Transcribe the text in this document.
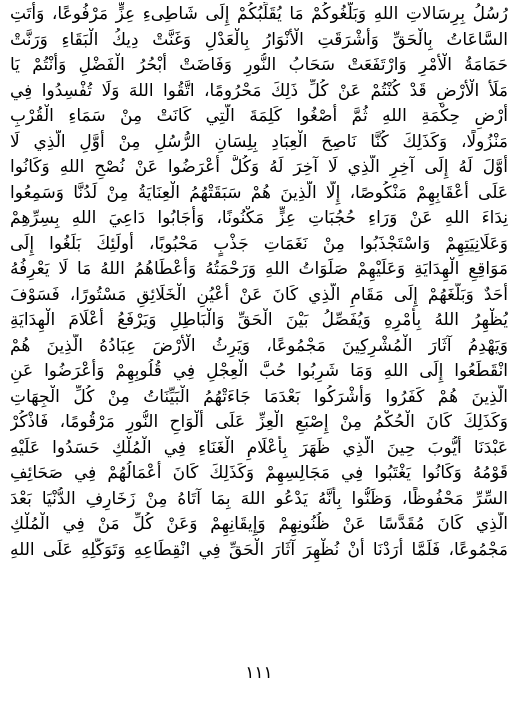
رُسُلُ بِرِسَالاتِ اللهِ وَبَلَّغُوكُمْ مَا يُقَلِّبُكُمْ إِلَى شَاطِىءِ عِزٍّ مَرْفُوعًا، وَأَتَتِ
السَّاعَاتُ بِالْحَقِّ وَأَشْرَقَتِ الْأَنْوَارُ بِالْعَدْلِ وَغَنَّتْ دِيكُ الْبَقَاءِ وَرَنَّتْ
حَمَامَةُ الْأَمْرِ وَارْتَفَعَتْ سَحَابُ النُّورِ وَفَاضَتْ أَبْحُرُ الْفَضْلِ وَأَنْتُمْ يَا
مَلَأَ الْأَرْضِ قَدْ كُنْتُمْ عَنْ كُلِّ ذَلِكَ مَحْرُومًا، اتَّقُوا اللهَ وَلَا تُفْسِدُوا فِي
أَرْضِ حِكْمَةِ اللهِ ثُمَّ أَصْغُوا كَلِمَةَ الَّتِي كَانَتْ مِنْ سَمَاءِ الْقُرْبِ
مَنْزُولًا، وَكَذَلِكَ كُنَّا نَاصِحَ الْعِبَادِ بِلِسَانِ الرُّسُلِ مِنْ أَوَّلِ الَّذِي لَا
أَوَّلَ لَهُ إِلَى آخِرِ الَّذِي لَا آخِرَ لَهُ وَكُلٌّ أَعْرَضُوا عَنْ نُصْحِ اللهِ وَكَانُوا
عَلَى أَعْقَابِهِمْ مَنْكُوصًا، إِلَّا الَّذِينَ هُمْ سَبَقَتْهُمُ الْعِنَايَةُ مِنْ لَدُنَّا وَسَمِعُوا
نِدَاءَ اللهِ عَنْ وَرَاءِ حُجُبَاتِ عِزٍّ مَكْنُونًا، وَأَجَابُوا دَاعِيَ اللهِ بِسِرِّهِمْ
وَعَلَانِيَتِهِمْ وَاسْتَجْذَبُوا مِنْ نَغَمَاتِ جَذْبٍ مَحْبُوبًا، أُولَئِكَ بَلَغُوا إِلَى
مَوَاقِعِ الْهِدَايَةِ وَعَلَيْهِمْ صَلَوَاتُ اللهِ وَرَحْمَتُهُ وَأَعْطَاهُمُ اللهُ مَا لَا يَعْرِفُهُ
أَحَدٌ وَبَلَّغَهُمْ إِلَى مَقَامِ الَّذِي كَانَ عَنْ أَعْيُنِ الْخَلَائِقِ مَسْتُورًا، فَسَوْفَ
يُظْهِرُ اللهُ بِأَمْرِهِ وَيُفَصِّلُ بَيْنَ الْحَقِّ وَالْبَاطِلِ وَيَرْفَعُ أَعْلَامَ الْهِدَايَةِ
وَيَهْدِمُ آثَارَ الْمُشْرِكِينَ مَجْمُوعًا، وَيَرِثُ الْأَرْضَ عِبَادُهُ الَّذِينَ هُمْ
انْقَطَعُوا إِلَى اللهِ وَمَا شَرِبُوا حُبَّ الْعِجْلِ فِي قُلُوبِهِمْ وَأَعْرَضُوا عَنِ
الَّذِينَ هُمْ كَفَرُوا وَأَشْرَكُوا بَعْدَمَا جَاءَتْهُمُ الْبَيِّنَاتُ مِنْ كُلِّ الْجِهَاتِ
وَكَذَلِكَ كَانَ الْحُكْمُ مِنْ إِصْبَعِ الْعِزِّ عَلَى أَلْوَاحِ النُّورِ مَرْقُومًا، فَاذْكُرْ
عَبْدَنَا أَيُّوبَ حِينَ الَّذِي ظَهَرَ بِأَعْلَامِ الْغَنَاءِ فِي الْمُلْكِ حَسَدُوا عَلَيْهِ
قَوْمُهُ وَكَانُوا يَغْتَبُوا فِي مَجَالِسِهِمْ وَكَذَلِكَ كَانَ أَعْمَالُهُمْ فِي صَحَائِفِ
السِّرِّ مَحْفُوظًا، وَظَنُّوا بِأَنَّهُ يَدْعُو اللهَ بِمَا آتَاهُ مِنْ زَخَارِفِ الدُّنْيَا بَعْدَ
الَّذِي كَانَ مُقَدَّسًا عَنْ ظُنُونِهِمْ وَإِيقَانِهِمْ وَعَنْ كُلِّ مَنْ فِي الْمُلْكِ
مَجْمُوعًا، فَلَمَّا أَرَدْنَا أَنْ نُظْهِرَ آثَارَ الْحَقِّ فِي انْقِطَاعِهِ وَتَوَكُّلِهِ عَلَى اللهِ
١١١
